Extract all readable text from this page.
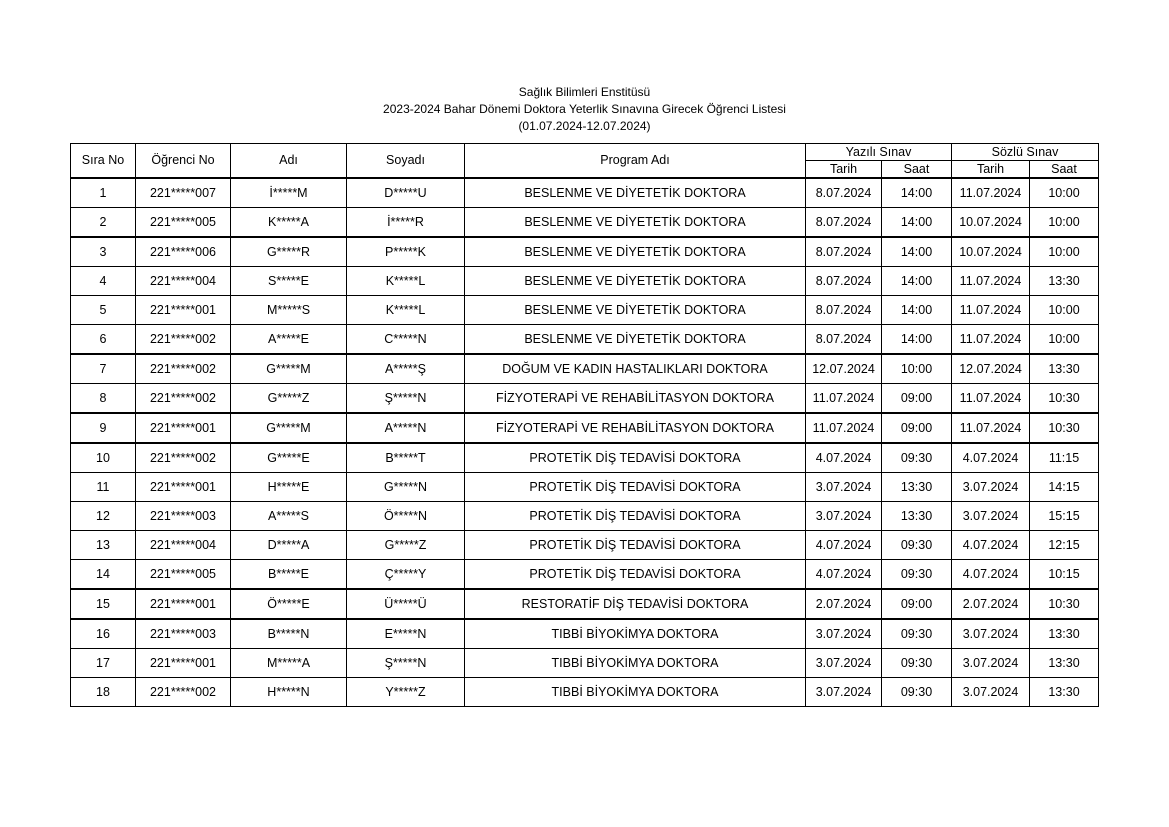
Sağlık Bilimleri Enstitüsü
2023-2024 Bahar Dönemi Doktora Yeterlik Sınavına Girecek Öğrenci Listesi
(01.07.2024-12.07.2024)
Sıra No	Öğrenci No	Adı	Soyadı	Program Adı	Yazılı Sınav		Sözlü Sınav	
					Tarih	Saat	Tarih	Saat
1	221*****007	İ*****M	D*****U	BESLENME VE DİYETETİK DOKTORA	8.07.2024	14:00	11.07.2024	10:00
2	221*****005	K*****A	İ*****R	BESLENME VE DİYETETİK DOKTORA	8.07.2024	14:00	10.07.2024	10:00
3	221*****006	G*****R	P*****K	BESLENME VE DİYETETİK DOKTORA	8.07.2024	14:00	10.07.2024	10:00
4	221*****004	S*****E	K*****L	BESLENME VE DİYETETİK DOKTORA	8.07.2024	14:00	11.07.2024	13:30
5	221*****001	M*****S	K*****L	BESLENME VE DİYETETİK DOKTORA	8.07.2024	14:00	11.07.2024	10:00
6	221*****002	A*****E	C*****N	BESLENME VE DİYETETİK DOKTORA	8.07.2024	14:00	11.07.2024	10:00
7	221*****002	G*****M	A*****Ş	DOĞUM VE KADIN HASTALIKLARI DOKTORA	12.07.2024	10:00	12.07.2024	13:30
8	221*****002	G*****Z	Ş*****N	FİZYOTERAPİ VE REHABİLİTASYON DOKTORA	11.07.2024	09:00	11.07.2024	10:30
9	221*****001	G*****M	A*****N	FİZYOTERAPİ VE REHABİLİTASYON DOKTORA	11.07.2024	09:00	11.07.2024	10:30
10	221*****002	G*****E	B*****T	PROTETİK DİŞ TEDAVİSİ DOKTORA	4.07.2024	09:30	4.07.2024	11:15
11	221*****001	H*****E	G*****N	PROTETİK DİŞ TEDAVİSİ DOKTORA	3.07.2024	13:30	3.07.2024	14:15
12	221*****003	A*****S	Ö*****N	PROTETİK DİŞ TEDAVİSİ DOKTORA	3.07.2024	13:30	3.07.2024	15:15
13	221*****004	D*****A	G*****Z	PROTETİK DİŞ TEDAVİSİ DOKTORA	4.07.2024	09:30	4.07.2024	12:15
14	221*****005	B*****E	Ç*****Y	PROTETİK DİŞ TEDAVİSİ DOKTORA	4.07.2024	09:30	4.07.2024	10:15
15	221*****001	Ö*****E	Ü*****Ü	RESTORATİF DİŞ TEDAVİSİ DOKTORA	2.07.2024	09:00	2.07.2024	10:30
16	221*****003	B*****N	E*****N	TIBBİ BİYOKİMYA DOKTORA	3.07.2024	09:30	3.07.2024	13:30
17	221*****001	M*****A	Ş*****N	TIBBİ BİYOKİMYA DOKTORA	3.07.2024	09:30	3.07.2024	13:30
18	221*****002	H*****N	Y*****Z	TIBBİ BİYOKİMYA DOKTORA	3.07.2024	09:30	3.07.2024	13:30
